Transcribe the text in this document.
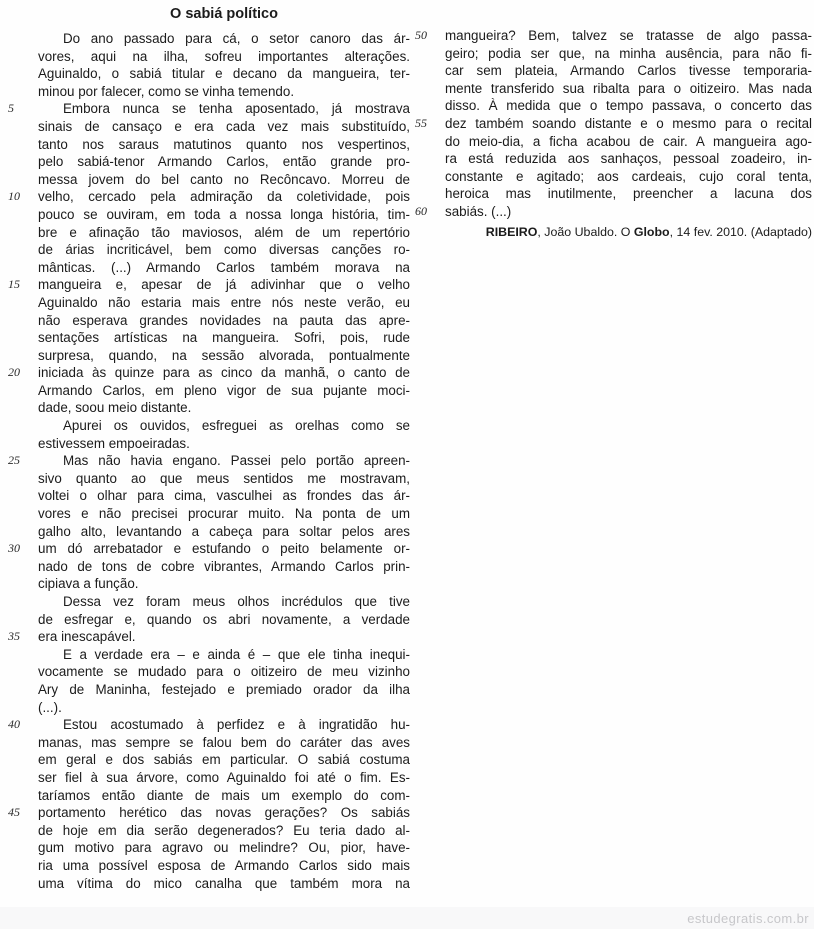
O sabiá político
Do ano passado para cá, o setor canoro das ár-
vores, aqui na ilha, sofreu importantes alterações.
Aguinaldo, o sabiá titular e decano da mangueira, ter-
minou por falecer, como se vinha temendo.
5	Embora nunca se tenha aposentado, já mostrava
sinais de cansaço e era cada vez mais substituído,
tanto nos saraus matutinos quanto nos vespertinos,
pelo sabiá-tenor Armando Carlos, então grande pro-
messa jovem do bel canto no Recôncavo. Morreu de
10	velho, cercado pela admiração da coletividade, pois
pouco se ouviram, em toda a nossa longa história, tim-
bre e afinação tão maviosos, além de um repertório
de árias incriticável, bem como diversas canções ro-
mânticas. (...) Armando Carlos também morava na
15	mangueira e, apesar de já adivinhar que o velho
Aguinaldo não estaria mais entre nós neste verão, eu
não esperava grandes novidades na pauta das apre-
sentações artísticas na mangueira. Sofri, pois, rude
surpresa, quando, na sessão alvorada, pontualmente
20	iniciada às quinze para as cinco da manhã, o canto de
Armando Carlos, em pleno vigor de sua pujante moci-
dade, soou meio distante.
Apurei os ouvidos, esfreguei as orelhas como se
estivessem empoeiradas.
25	Mas não havia engano. Passei pelo portão apreen-
sivo quanto ao que meus sentidos me mostravam,
voltei o olhar para cima, vasculhei as frondes das ár-
vores e não precisei procurar muito. Na ponta de um
galho alto, levantando a cabeça para soltar pelos ares
30	um dó arrebatador e estufando o peito belamente or-
nado de tons de cobre vibrantes, Armando Carlos prin-
cipiava a função.
Dessa vez foram meus olhos incrédulos que tive
de esfregar e, quando os abri novamente, a verdade
35	era inescapável.
E a verdade era – e ainda é – que ele tinha inequi-
vocamente se mudado para o oitizeiro de meu vizinho
Ary de Maninha, festejado e premiado orador da ilha
(...).
40	Estou acostumado à perfidez e à ingratidão hu-
manas, mas sempre se falou bem do caráter das aves
em geral e dos sabiás em particular. O sabiá costuma
ser fiel à sua árvore, como Aguinaldo foi até o fim. Es-
taríamos então diante de mais um exemplo do com-
45	portamento herético das novas gerações? Os sabiás
de hoje em dia serão degenerados? Eu teria dado al-
gum motivo para agravo ou melindre? Ou, pior, have-
ria uma possível esposa de Armando Carlos sido mais
uma vítima do mico canalha que também mora na
50	mangueira? Bem, talvez se tratasse de algo passa-
geiro; podia ser que, na minha ausência, para não fi-
car sem plateia, Armando Carlos tivesse temporaria-
mente transferido sua ribalta para o oitizeiro. Mas nada
disso. À medida que o tempo passava, o concerto das
55	dez também soando distante e o mesmo para o recital
do meio-dia, a ficha acabou de cair. A mangueira ago-
ra está reduzida aos sanhaços, pessoal zoadeiro, in-
constante e agitado; aos cardeais, cujo coral tenta,
heroica mas inutilmente, preencher a lacuna dos
60	sabiás. (...)
RIBEIRO, João Ubaldo. O Globo, 14 fev. 2010. (Adaptado)
estudegratis.com.br
